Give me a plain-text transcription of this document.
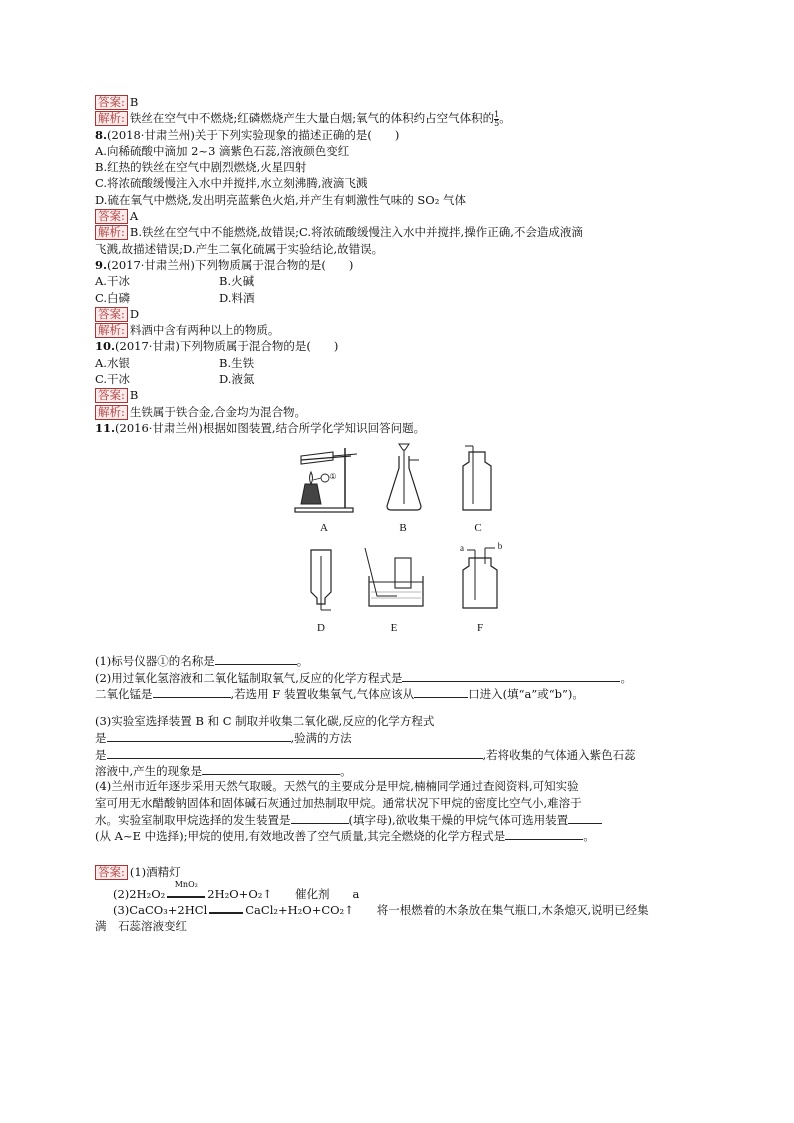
答案: B
解析: 铁丝在空气中不燃烧;红磷燃烧产生大量白烟;氧气的体积约占空气体积的 $\frac{1}{5}$ 。
8.(2018·甘肃兰州)关于下列实验现象的描述正确的是(　　)
A.向稀硫酸中滴加 2~3 滴紫色石蕊,溶液颜色变红
B.红热的铁丝在空气中剧烈燃烧,火星四射
C.将浓硫酸缓慢注入水中并搅拌,水立刻沸腾,液滴飞溅
D.硫在氧气中燃烧,发出明亮蓝紫色火焰,并产生有刺激性气味的 SO₂ 气体
答案: A
解析: B.铁丝在空气中不能燃烧,故错误;C.将浓硫酸缓慢注入水中并搅拌,操作正确,不会造成液滴
飞溅,故描述错误;D.产生二氧化硫属于实验结论,故错误。
9.(2017·甘肃兰州)下列物质属于混合物的是(　　)
A.干冰	B.火碱
C.白磷	D.料酒
答案: D
解析: 料酒中含有两种以上的物质。
10.(2017·甘肃)下列物质属于混合物的是(　　)
A.水银	B.生铁
C.干冰	D.液氮
答案: B
解析: 生铁属于铁合金,合金均为混合物。
11.(2016·甘肃兰州)根据如图装置,结合所学化学知识回答问题。
①
A	B	C
D	E
a	b
F
(1)标号仪器①的名称是	。
(2)用过氧化氢溶液和二氧化锰制取氧气,反应的化学方程式是	。
二氧化锰是	,若选用 F 装置收集氧气,气体应该从	口进入(填“a”或“b”)。
(3)实验室选择装置 B 和 C 制取并收集二氧化碳,反应的化学方程式
是	,验满的方法
是	,若将收集的气体通入紫色石蕊
溶液中,产生的现象是	。
(4)兰州市近年逐步采用天然气取暖。天然气的主要成分是甲烷,楠楠同学通过查阅资料,可知实验
室可用无水醋酸钠固体和固体碱石灰通过加热制取甲烷。通常状况下甲烷的密度比空气小,难溶于
水。实验室制取甲烷选择的发生装置是	(填字母),欲收集干燥的甲烷气体可选用装置
(从 A~E 中选择);甲烷的使用,有效地改善了空气质量,其完全燃烧的化学方程式是	。
答案: (1)酒精灯
(2)2H₂O₂
MnO₂
2H₂O+O₂↑　　催化剂　　a
(3)CaCO₃+2HCl	CaCl₂+H₂O+CO₂↑　　将一根燃着的木条放在集气瓶口,木条熄灭,说明已经集
满　石蕊溶液变红
